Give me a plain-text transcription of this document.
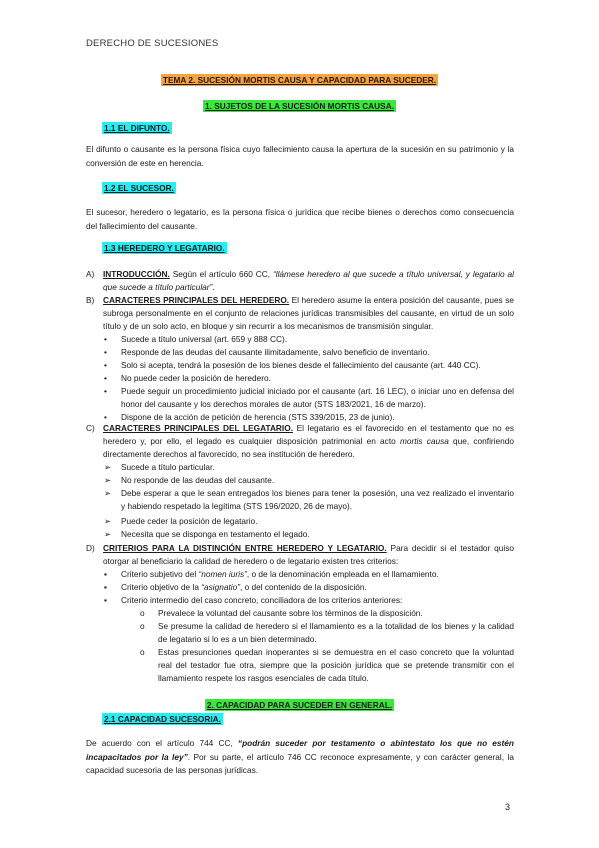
DERECHO DE SUCESIONES
TEMA 2. SUCESIÓN MORTIS CAUSA Y CAPACIDAD PARA SUCEDER.
1. SUJETOS DE LA SUCESIÓN MORTIS CAUSA.
1.1 EL DIFUNTO.
El difunto o causante es la persona física cuyo fallecimiento causa la apertura de la sucesión en su patrimonio y la conversión de este en herencia.
1.2 EL SUCESOR.
El sucesor, heredero o legatario, es la persona física o jurídica que recibe bienes o derechos como consecuencia del fallecimiento del causante.
1.3 HEREDERO Y LEGATARIO.
A) INTRODUCCIÓN. Según el artículo 660 CC, “llámese heredero al que sucede a título universal, y legatario al que sucede a título particular”.
B) CARACTERES PRINCIPALES DEL HEREDERO. El heredero asume la entera posición del causante, pues se subroga personalmente en el conjunto de relaciones jurídicas transmisibles del causante, en virtud de un solo título y de un solo acto, en bloque y sin recurrir a los mecanismos de transmisión singular.
• Sucede a título universal (art. 659 y 888 CC).
• Responde de las deudas del causante ilimitadamente, salvo beneficio de inventario.
• Solo si acepta, tendrá la posesión de los bienes desde el fallecimiento del causante (art. 440 CC).
• No puede ceder la posición de heredero.
• Puede seguir un procedimiento judicial iniciado por el causante (art. 16 LEC), o iniciar uno en defensa del honor del causante y los derechos morales de autor (STS 183/2021, 16 de marzo).
• Dispone de la acción de petición de herencia (STS 339/2015, 23 de junio).
C) CARACTERES PRINCIPALES DEL LEGATARIO. El legatario es el favorecido en el testamento que no es heredero y, por ello, el legado es cualquier disposición patrimonial en acto mortis causa que, confiriendo directamente derechos al favorecido, no sea institución de heredero.
➢ Sucede a título particular.
➢ No responde de las deudas del causante.
➢ Debe esperar a que le sean entregados los bienes para tener la posesión, una vez realizado el inventario y habiendo respetado la legítima (STS 196/2020, 26 de mayo).
➢ Puede ceder la posición de legatario.
➢ Necesita que se disponga en testamento el legado.
D) CRITERIOS PARA LA DISTINCIÓN ENTRE HEREDERO Y LEGATARIO. Para decidir si el testador quiso otorgar al beneficiario la calidad de heredero o de legatario existen tres criterios:
▪ Criterio subjetivo del “nomen iuris”, o de la denominación empleada en el llamamiento.
▪ Criterio objetivo de la “asignatio”, o del contenido de la disposición.
▪ Criterio intermedio del caso concreto, conciliadora de los criterios anteriores:
o Prevalece la voluntad del causante sobre los términos de la disposición.
o Se presume la calidad de heredero si el llamamiento es a la totalidad de los bienes y la calidad de legatario si lo es a un bien determinado.
o Estas presunciones quedan inoperantes si se demuestra en el caso concreto que la voluntad real del testador fue otra, siempre que la posición jurídica que se pretende transmitir con el llamamiento respete los rasgos esenciales de cada título.
2. CAPACIDAD PARA SUCEDER EN GENERAL.
2.1 CAPACIDAD SUCESORIA.
De acuerdo con el artículo 744 CC, “podrán suceder por testamento o abintestato los que no estén incapacitados por la ley”. Por su parte, el artículo 746 CC reconoce expresamente, y con carácter general, la capacidad sucesoria de las personas jurídicas.
3
